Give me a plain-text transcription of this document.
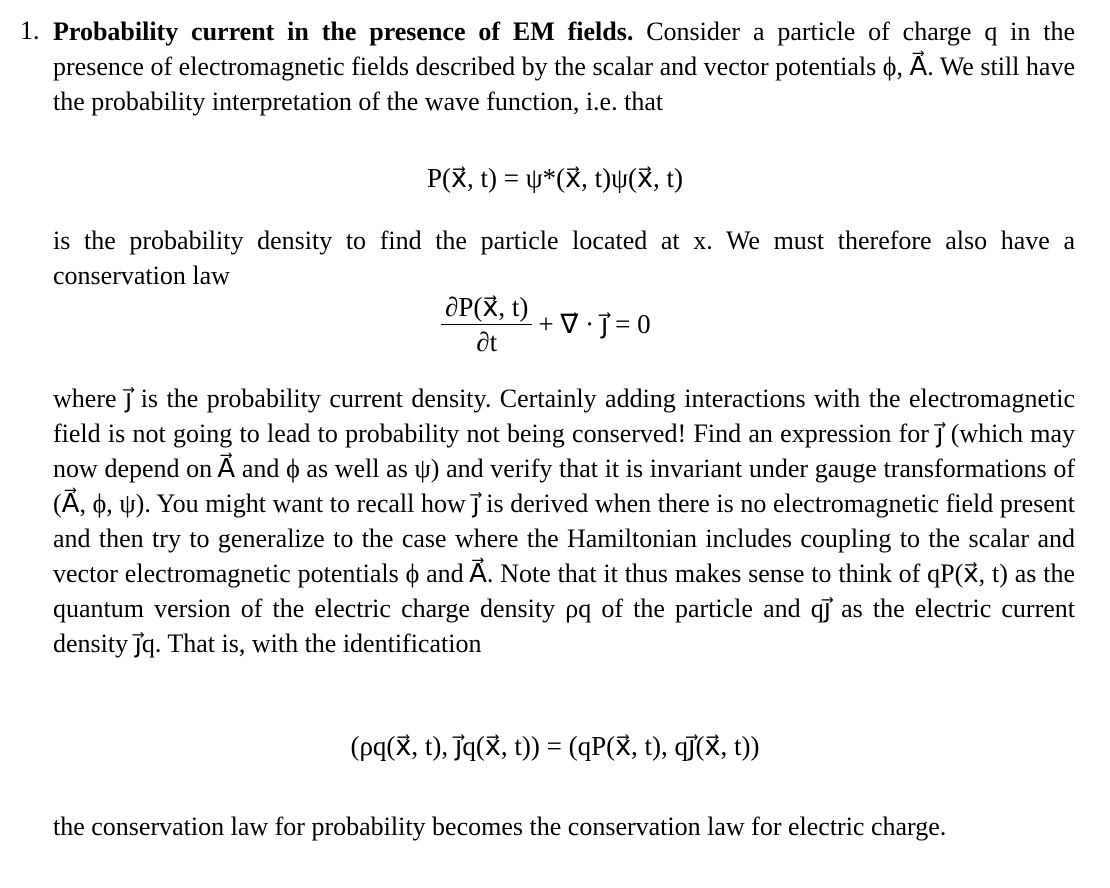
1. Probability current in the presence of EM fields. Consider a particle of charge q in the presence of electromagnetic fields described by the scalar and vector potentials ϕ, A⃗. We still have the probability interpretation of the wave function, i.e. that
P(x⃗, t) = ψ*(x⃗, t)ψ(x⃗, t)
is the probability density to find the particle located at x. We must therefore also have a conservation law
$\frac{\partial P(x⃗, t)}{\partial t}$ + ∇⃗ · j⃗ = 0
where j⃗ is the probability current density. Certainly adding interactions with the electromagnetic field is not going to lead to probability not being conserved! Find an expression for j⃗ (which may now depend on A⃗ and ϕ as well as ψ) and verify that it is invariant under gauge transformations of (A⃗, ϕ, ψ). You might want to recall how j⃗ is derived when there is no electromagnetic field present and then try to generalize to the case where the Hamiltonian includes coupling to the scalar and vector electromagnetic potentials ϕ and A⃗. Note that it thus makes sense to think of qP(x⃗, t) as the quantum version of the electric charge density ρq of the particle and qj⃗ as the electric current density j⃗q. That is, with the identification
(ρq(x⃗, t), j⃗q(x⃗, t)) = (qP(x⃗, t), qj⃗(x⃗, t))
the conservation law for probability becomes the conservation law for electric charge.
